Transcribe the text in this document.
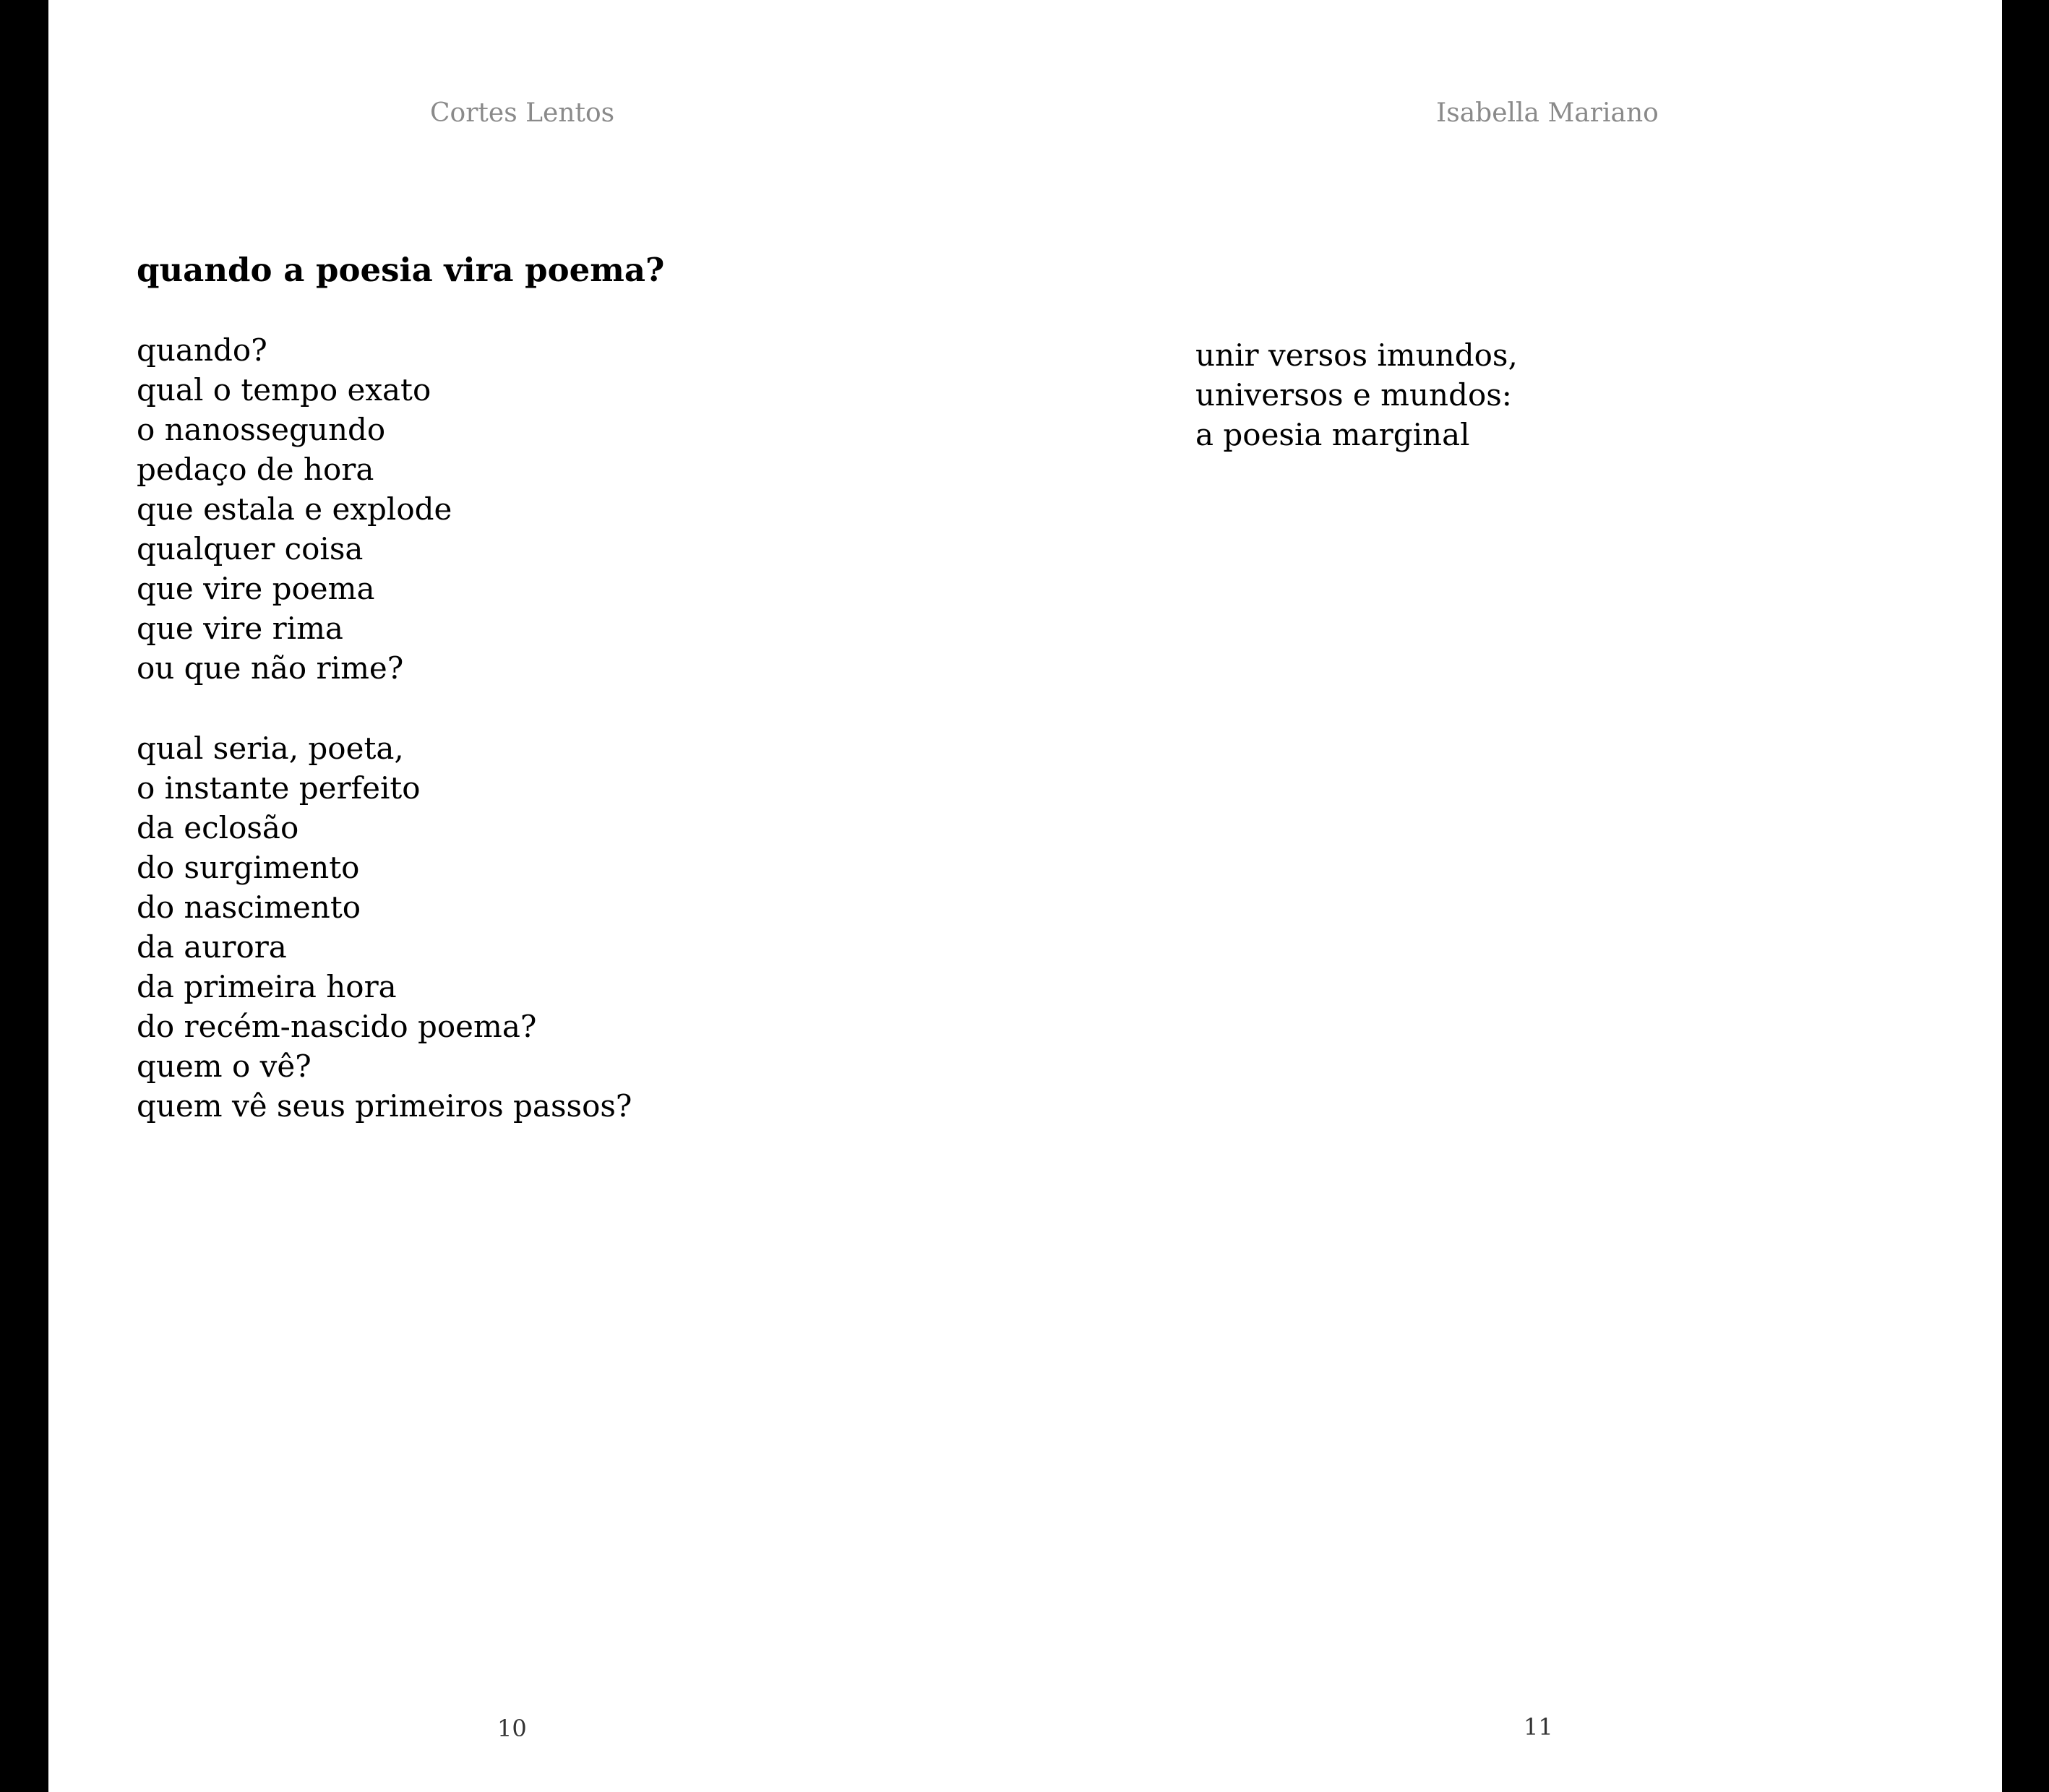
Cortes Lentos
quando a poesia vira poema?
quando?
qual o tempo exato
o nanossegundo
pedaço de hora
que estala e explode
qualquer coisa
que vire poema
que vire rima
ou que não rime?
qual seria, poeta,
o instante perfeito
da eclosão
do surgimento
do nascimento
da aurora
da primeira hora
do recém-nascido poema?
quem o vê?
quem vê seus primeiros passos?
10
Isabella Mariano
unir versos imundos,
universos e mundos:
a poesia marginal
11
